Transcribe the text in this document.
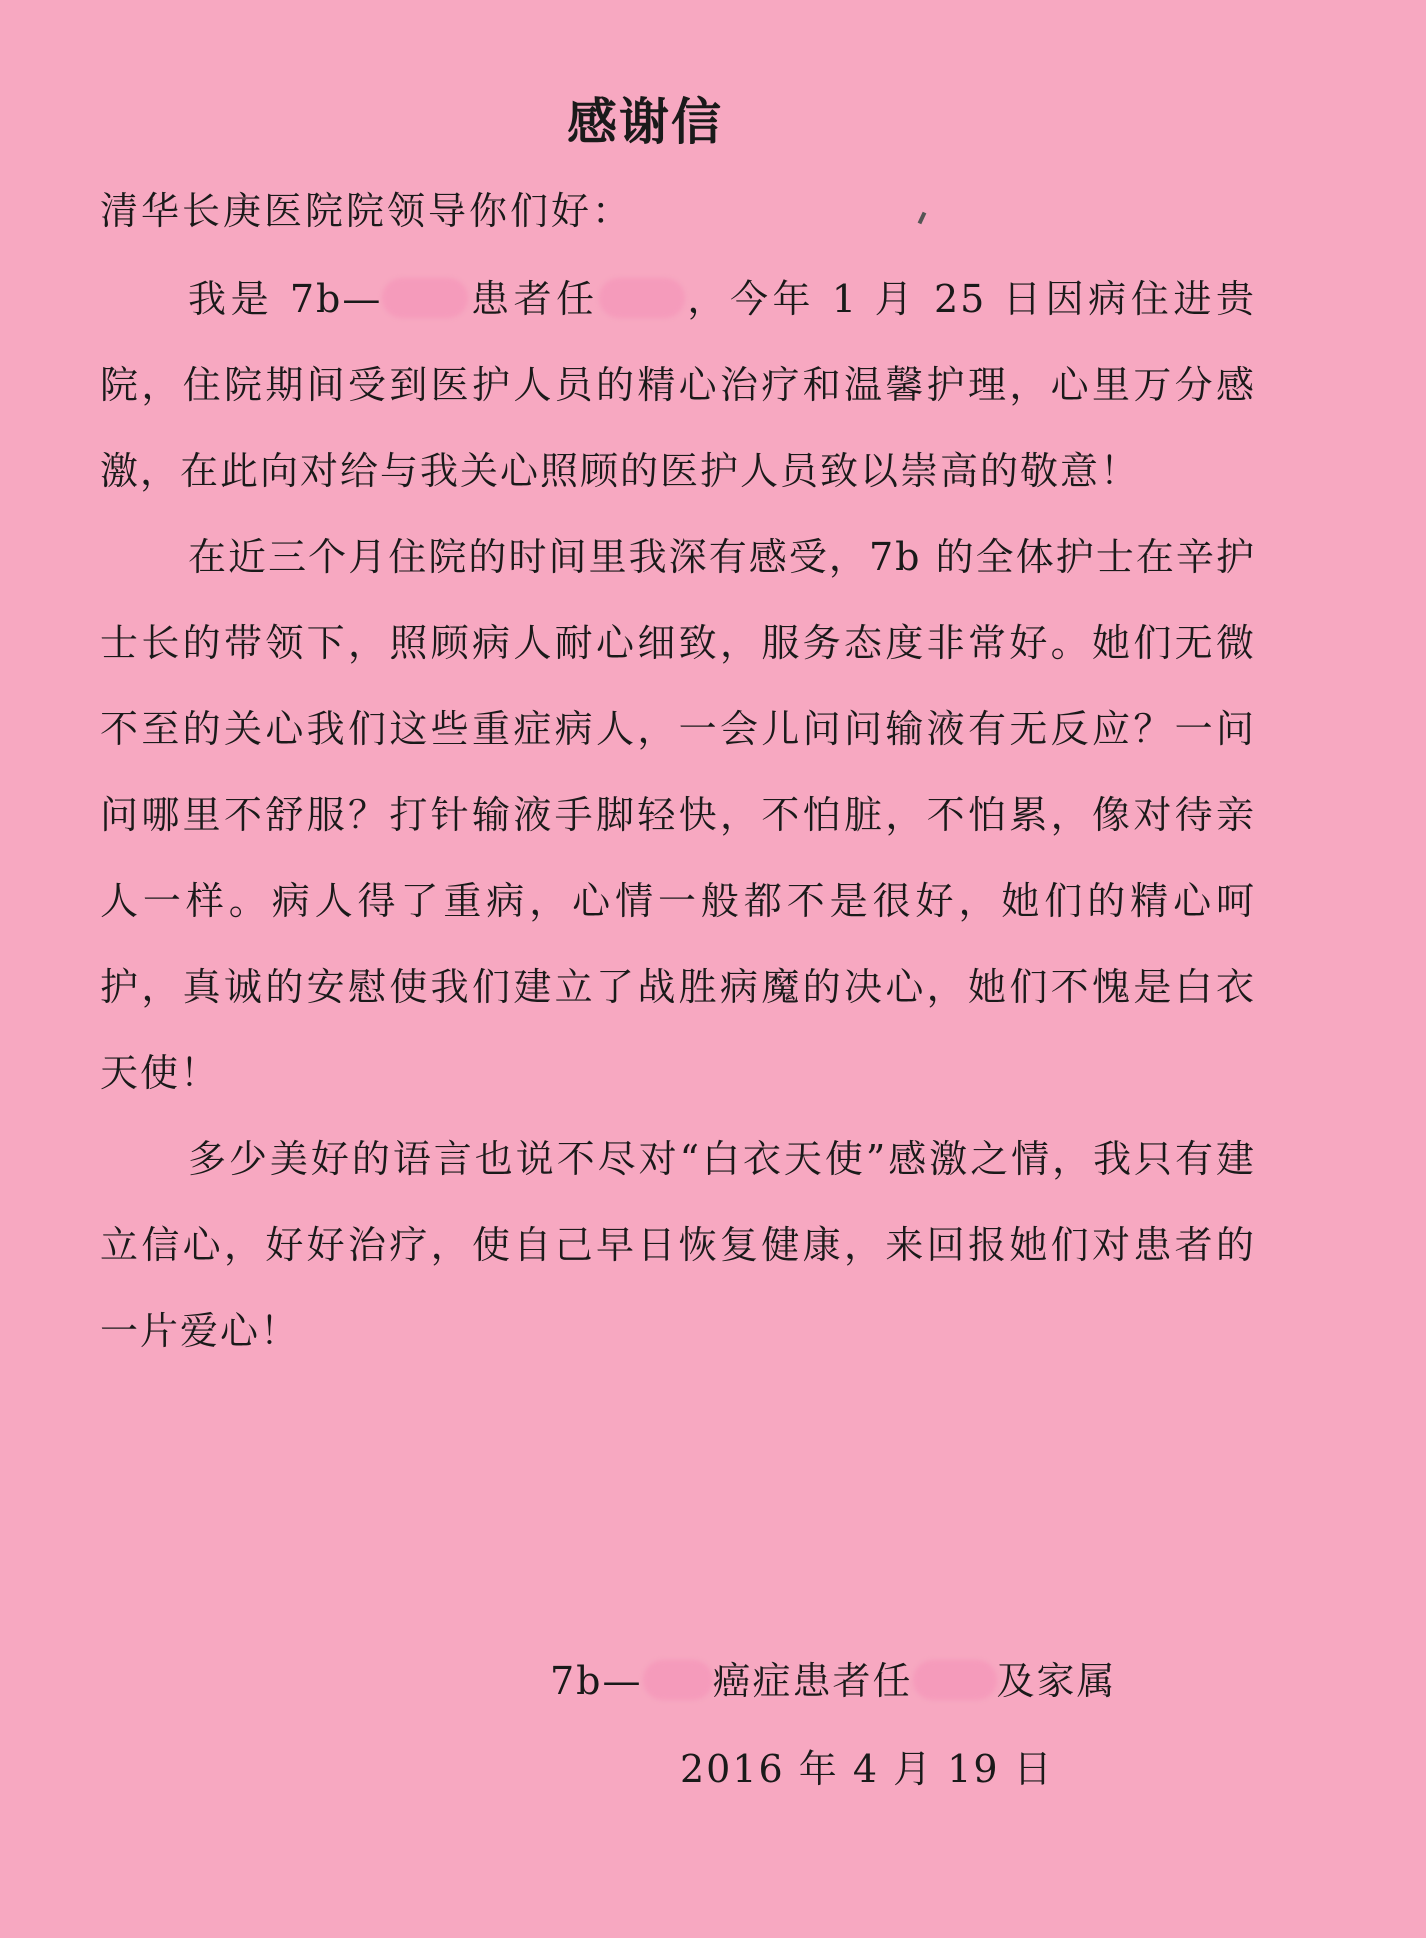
感谢信
清华长庚医院院领导你们好：

我是 7b— 患者任 ，今年 1 月 25 日因病住进贵院，住院期间受到医护人员的精心治疗和温馨护理，心里万分感激，在此向对给与我关心照顾的医护人员致以崇高的敬意！

在近三个月住院的时间里我深有感受，7b 的全体护士在辛护士长的带领下，照顾病人耐心细致，服务态度非常好。她们无微不至的关心我们这些重症病人，一会儿问问输液有无反应？一问问哪里不舒服？打针输液手脚轻快，不怕脏，不怕累，像对待亲人一样。病人得了重病，心情一般都不是很好，她们的精心呵护，真诚的安慰使我们建立了战胜病魔的决心，她们不愧是白衣天使！

多少美好的语言也说不尽对“白衣天使”感激之情，我只有建立信心，好好治疗，使自己早日恢复健康，来回报她们对患者的一片爱心！

7b— 癌症患者任 及家属
2016 年 4 月 19 日
